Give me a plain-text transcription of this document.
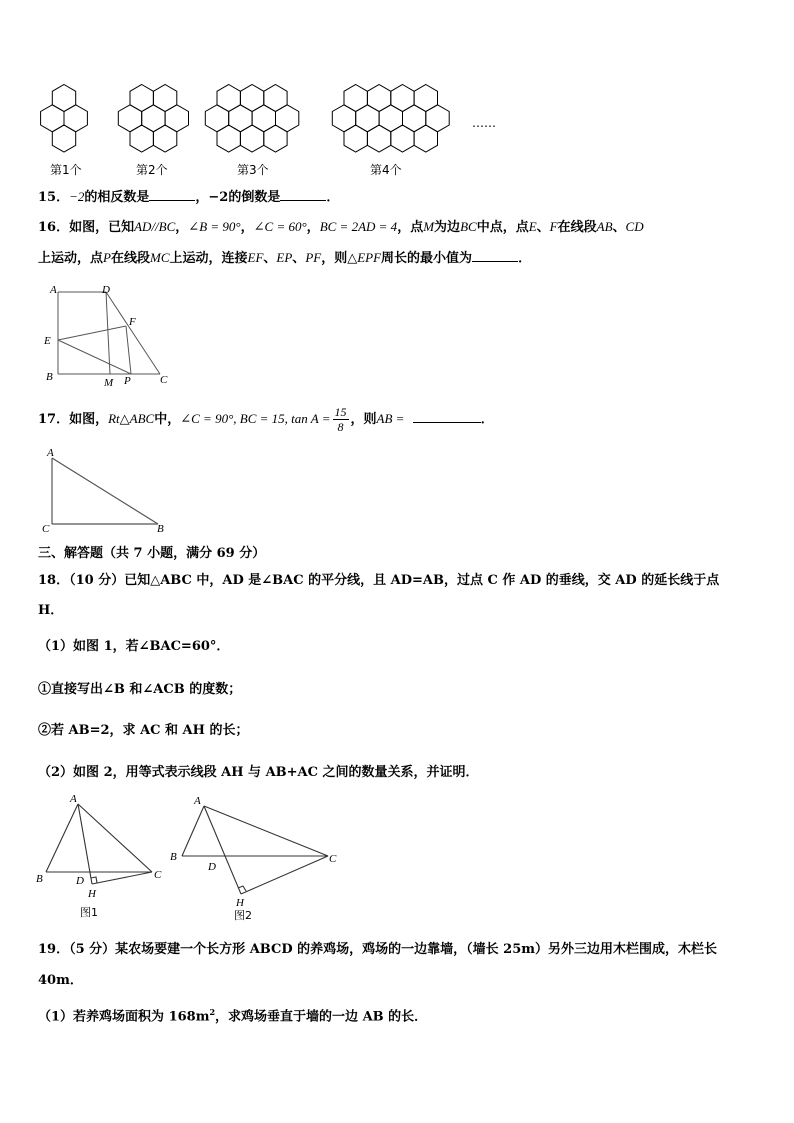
第1个	第2个	第3个	第4个
……
15．−2的相反数是	，−2的倒数是	．
16．如图，已知AD//BC，∠B = 90°，∠C = 60°，BC = 2AD = 4，点M为边BC中点，点E、F在线段AB、CD
上运动，点P在线段MC上运动，连接EF、EP、PF，则△EPF周长的最小值为	．
A	D
F
E
B	M P	C
17．如图，Rt△ABC中，∠C = 90°, BC = 15, $\tan A = \frac{15}{8}$ ，则AB =	．
A
C	B
三、解答题（共 7 小题，满分 69 分）
18．（10 分）已知△ABC 中，AD 是∠BAC 的平分线，且 AD=AB，过点 C 作 AD 的垂线，交 AD 的延长线于点
H．
（1）如图 1，若∠BAC=60°．
①直接写出∠B 和∠ACB 的度数；
②若 AB=2，求 AC 和 AH 的长；
（2）如图 2，用等式表示线段 AH 与 AB+AC 之间的数量关系，并证明．
A
B	D
H
C
图1
A
B
D
H
C
图2
19．（5 分）某农场要建一个长方形 ABCD 的养鸡场，鸡场的一边靠墙，（墙长 25m）另外三边用木栏围成，木栏长
40m．
（1）若养鸡场面积为 $168m^2$，求鸡场垂直于墙的一边 AB 的长．
